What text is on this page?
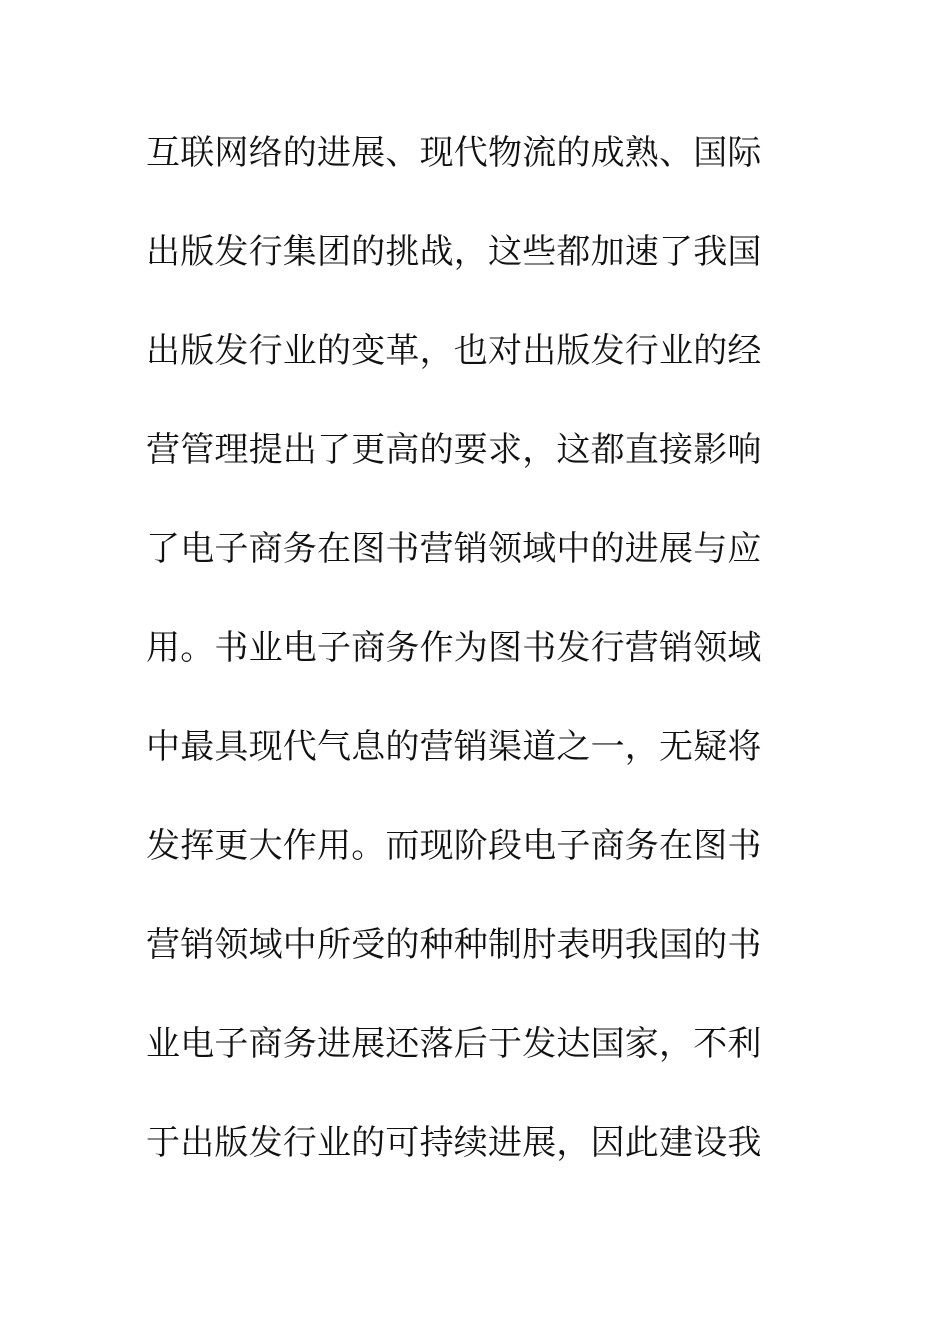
互联网络的进展、现代物流的成熟、国际
出版发行集团的挑战，这些都加速了我国
出版发行业的变革，也对出版发行业的经
营管理提出了更高的要求，这都直接影响
了电子商务在图书营销领域中的进展与应
用。书业电子商务作为图书发行营销领域
中最具现代气息的营销渠道之一，无疑将
发挥更大作用。而现阶段电子商务在图书
营销领域中所受的种种制肘表明我国的书
业电子商务进展还落后于发达国家，不利
于出版发行业的可持续进展，因此建设我
